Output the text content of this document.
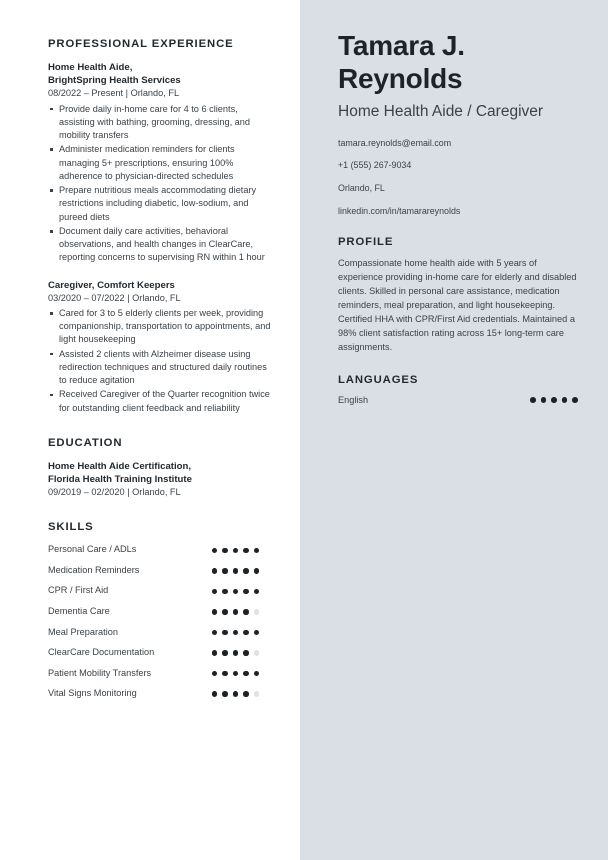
PROFESSIONAL EXPERIENCE
Home Health Aide,
BrightSpring Health Services
08/2022 – Present | Orlando, FL
Provide daily in-home care for 4 to 6 clients, assisting with bathing, grooming, dressing, and mobility transfers
Administer medication reminders for clients managing 5+ prescriptions, ensuring 100% adherence to physician-directed schedules
Prepare nutritious meals accommodating dietary restrictions including diabetic, low-sodium, and pureed diets
Document daily care activities, behavioral observations, and health changes in ClearCare, reporting concerns to supervising RN within 1 hour
Caregiver, Comfort Keepers
03/2020 – 07/2022 | Orlando, FL
Cared for 3 to 5 elderly clients per week, providing companionship, transportation to appointments, and light housekeeping
Assisted 2 clients with Alzheimer disease using redirection techniques and structured daily routines to reduce agitation
Received Caregiver of the Quarter recognition twice for outstanding client feedback and reliability
EDUCATION
Home Health Aide Certification,
Florida Health Training Institute
09/2019 – 02/2020 | Orlando, FL
SKILLS
Personal Care / ADLs
Medication Reminders
CPR / First Aid
Dementia Care
Meal Preparation
ClearCare Documentation
Patient Mobility Transfers
Vital Signs Monitoring
Tamara J. Reynolds
Home Health Aide / Caregiver
tamara.reynolds@email.com
+1 (555) 267-9034
Orlando, FL
linkedin.com/in/tamarareynolds
PROFILE

Compassionate home health aide with 5 years of experience providing in-home care for elderly and disabled clients. Skilled in personal care assistance, medication reminders, meal preparation, and light housekeeping. Certified HHA with CPR/First Aid credentials. Maintained a 98% client satisfaction rating across 15+ long-term care assignments.

LANGUAGES
English
